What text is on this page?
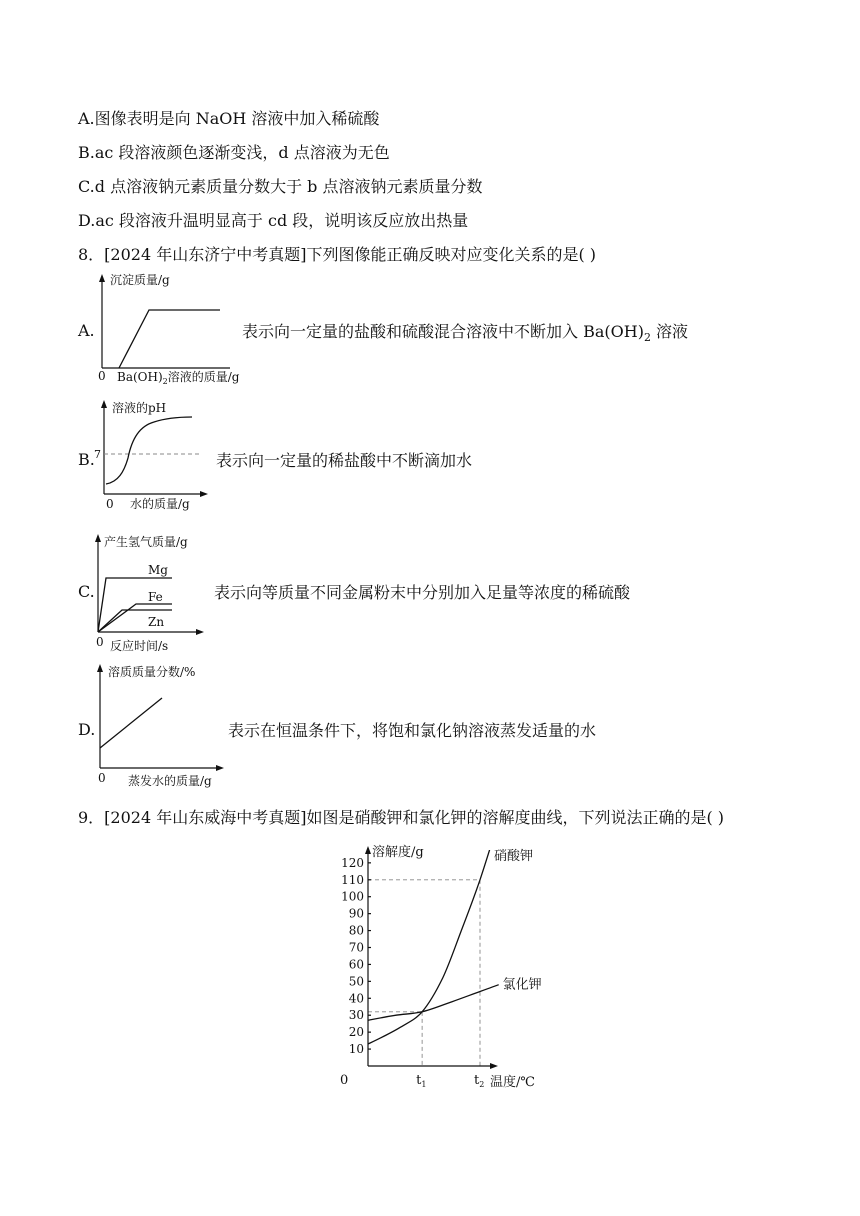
A.图像表明是向 NaOH 溶液中加入稀硫酸
B.ac 段溶液颜色逐渐变浅，d 点溶液为无色
C.d 点溶液钠元素质量分数大于 b 点溶液钠元素质量分数
D.ac 段溶液升温明显高于 cd 段，说明该反应放出热量
8．[2024 年山东济宁中考真题]下列图像能正确反映对应变化关系的是( )
A.
沉淀质量/g
0 $Ba(OH)_2$溶液的质量/g
表示向一定量的盐酸和硫酸混合溶液中不断加入 $Ba(OH)_2$ 溶液
B.
溶液的pH
7
0 水的质量/g
表示向一定量的稀盐酸中不断滴加水
C.
产生氢气质量/g
0 反应时间/s
Mg
Fe
Zn
表示向等质量不同金属粉末中分别加入足量等浓度的稀硫酸
D.
溶质质量分数/%
0 蒸发水的质量/g
表示在恒温条件下，将饱和氯化钠溶液蒸发适量的水
9．[2024 年山东威海中考真题]如图是硝酸钾和氯化钾的溶解度曲线，下列说法正确的是( )
10
20
30
40
50
60
70
80
90
100
110
120
溶解度/g
温度/℃
0	$t_1$	$t_2$
硝酸钾
氯化钾
